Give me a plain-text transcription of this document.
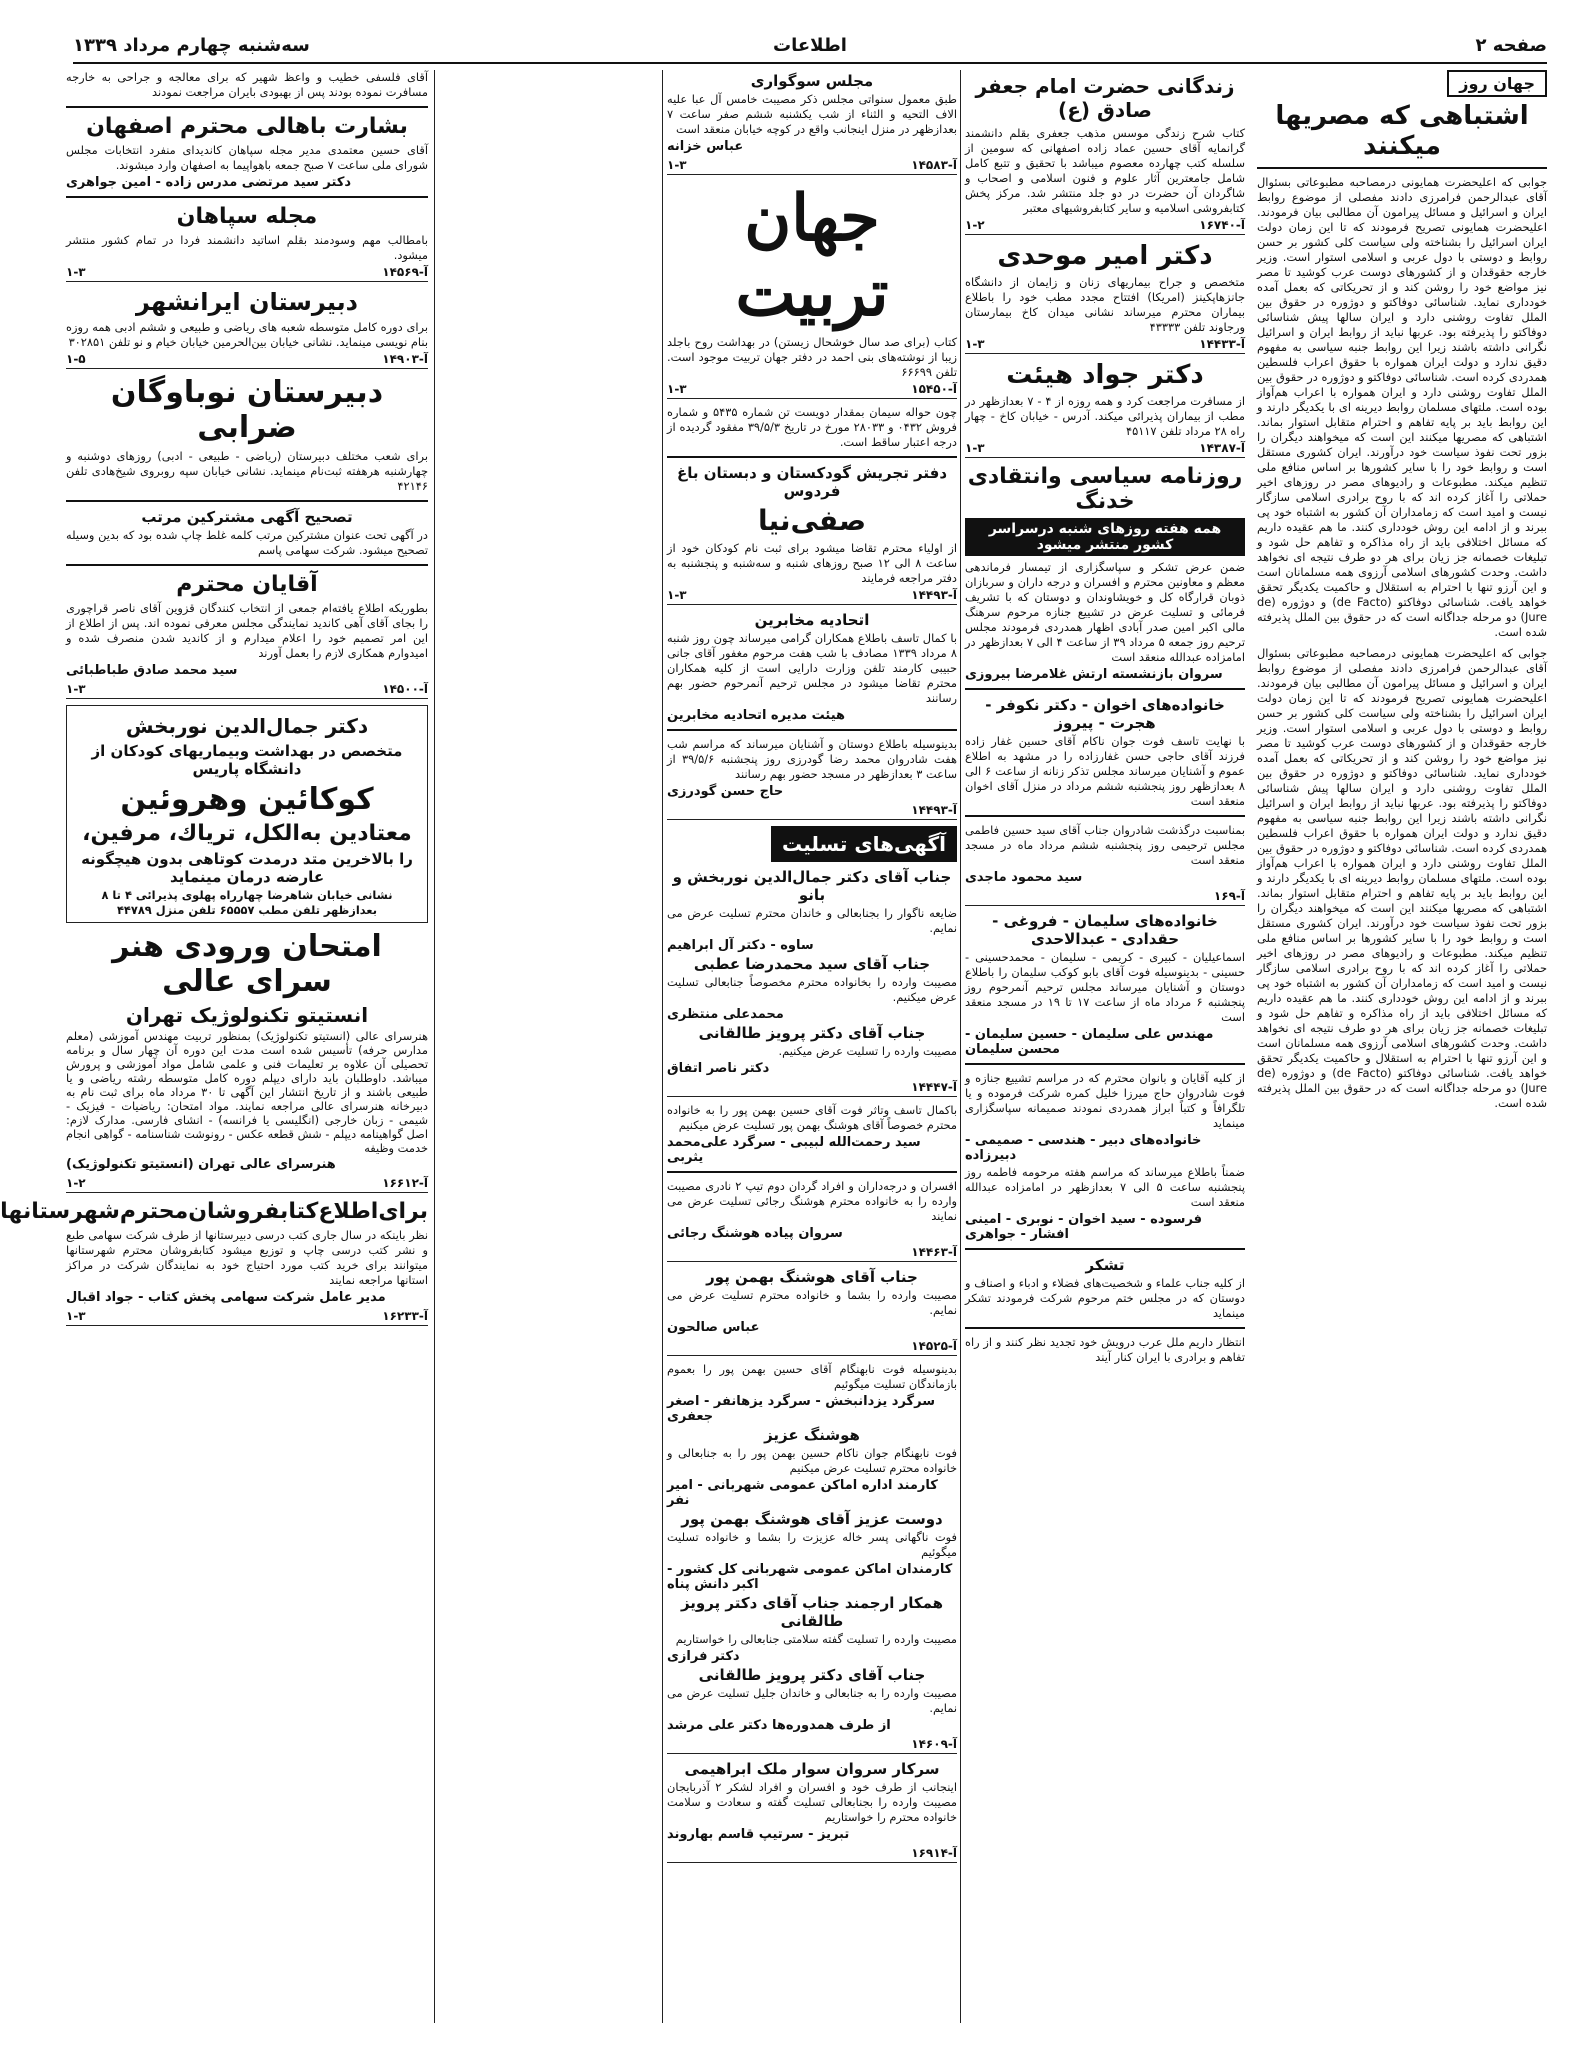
صفحه ۲
اطلاعات
سه‌شنبه چهارم مرداد ۱۳۳۹
جهان روز
اشتباهی که مصریها میکنند
جوابی که اعلیحضرت همایونی درمصاحبه مطبوعاتی بسئوال آقای عبدالرحمن فرامرزی دادند مفصلی از موضوع روابط ایران و اسرائیل و مسائل پیرامون آن مطالبی بیان فرمودند. اعلیحضرت همایونی تصریح فرمودند که تا این زمان دولت ایران اسرائیل را بشناخته ولی سیاست کلی کشور بر حسن روابط و دوستی با دول عربی و اسلامی استوار است. وزیر خارجه حقوقدان و از کشورهای دوست عرب کوشید تا مصر نیز مواضع خود را روشن کند و از تحریکاتی که بعمل آمده خودداری نماید. شناسائی دوفاکتو و دوژوره در حقوق بین الملل تفاوت روشنی دارد و ایران سالها پیش شناسائی دوفاکتو را پذیرفته بود. عربها نباید از روابط ایران و اسرائیل نگرانی داشته باشند زیرا این روابط جنبه سیاسی به مفهوم دقیق ندارد و دولت ایران همواره با حقوق اعراب فلسطین همدردی کرده است. شناسائی دوفاکتو و دوژوره در حقوق بین الملل تفاوت روشنی دارد و ایران همواره با اعراب هم‌آواز بوده است. ملتهای مسلمان روابط دیرینه ای با یکدیگر دارند و این روابط باید بر پایه تفاهم و احترام متقابل استوار بماند. اشتباهی که مصریها میکنند این است که میخواهند دیگران را بزور تحت نفوذ سیاست خود درآورند. ایران کشوری مستقل است و روابط خود را با سایر کشورها بر اساس منافع ملی تنظیم میکند. مطبوعات و رادیوهای مصر در روزهای اخیر حملاتی را آغاز کرده اند که با روح برادری اسلامی سازگار نیست و امید است که زمامداران آن کشور به اشتباه خود پی ببرند و از ادامه این روش خودداری کنند. ما هم عقیده داریم که مسائل اختلافی باید از راه مذاکره و تفاهم حل شود و تبلیغات خصمانه جز زیان برای هر دو طرف نتیجه ای نخواهد داشت. وحدت کشورهای اسلامی آرزوی همه مسلمانان است و این آرزو تنها با احترام به استقلال و حاکمیت یکدیگر تحقق خواهد یافت. شناسائی دوفاکتو (de Facto) و دوژوره (de Jure) دو مرحله جداگانه است که در حقوق بین الملل پذیرفته شده است.
جوابی که اعلیحضرت همایونی درمصاحبه مطبوعاتی بسئوال آقای عبدالرحمن فرامرزی دادند مفصلی از موضوع روابط ایران و اسرائیل و مسائل پیرامون آن مطالبی بیان فرمودند. اعلیحضرت همایونی تصریح فرمودند که تا این زمان دولت ایران اسرائیل را بشناخته ولی سیاست کلی کشور بر حسن روابط و دوستی با دول عربی و اسلامی استوار است. وزیر خارجه حقوقدان و از کشورهای دوست عرب کوشید تا مصر نیز مواضع خود را روشن کند و از تحریکاتی که بعمل آمده خودداری نماید. شناسائی دوفاکتو و دوژوره در حقوق بین الملل تفاوت روشنی دارد و ایران سالها پیش شناسائی دوفاکتو را پذیرفته بود. عربها نباید از روابط ایران و اسرائیل نگرانی داشته باشند زیرا این روابط جنبه سیاسی به مفهوم دقیق ندارد و دولت ایران همواره با حقوق اعراب فلسطین همدردی کرده است. شناسائی دوفاکتو و دوژوره در حقوق بین الملل تفاوت روشنی دارد و ایران همواره با اعراب هم‌آواز بوده است. ملتهای مسلمان روابط دیرینه ای با یکدیگر دارند و این روابط باید بر پایه تفاهم و احترام متقابل استوار بماند. اشتباهی که مصریها میکنند این است که میخواهند دیگران را بزور تحت نفوذ سیاست خود درآورند. ایران کشوری مستقل است و روابط خود را با سایر کشورها بر اساس منافع ملی تنظیم میکند. مطبوعات و رادیوهای مصر در روزهای اخیر حملاتی را آغاز کرده اند که با روح برادری اسلامی سازگار نیست و امید است که زمامداران آن کشور به اشتباه خود پی ببرند و از ادامه این روش خودداری کنند. ما هم عقیده داریم که مسائل اختلافی باید از راه مذاکره و تفاهم حل شود و تبلیغات خصمانه جز زیان برای هر دو طرف نتیجه ای نخواهد داشت. وحدت کشورهای اسلامی آرزوی همه مسلمانان است و این آرزو تنها با احترام به استقلال و حاکمیت یکدیگر تحقق خواهد یافت. شناسائی دوفاکتو (de Facto) و دوژوره (de Jure) دو مرحله جداگانه است که در حقوق بین الملل پذیرفته شده است.
زندگانی حضرت امام جعفر صادق (ع)
کتاب شرح زندگی موسس مذهب جعفری بقلم دانشمند گرانمایه آقای حسین عماد زاده اصفهانی که سومین از سلسله کتب چهارده معصوم میباشد با تحقیق و تتبع کامل شامل جامعترین آثار علوم و فنون اسلامی و اصحاب و شاگردان آن حضرت در دو جلد منتشر شد. مرکز پخش کتابفروشی اسلامیه و سایر کتابفروشیهای معتبر
آ-۱۶۷۴۰
۱-۲
دکتر امیر موحدی
متخصص و جراح بیماریهای زنان و زایمان از دانشگاه جانزهاپکینز (امریکا) افتتاح مجدد مطب خود را باطلاع بیماران محترم میرساند نشانی میدان کاخ بیمارستان ورجاوند تلفن ۴۳۳۳۳
آ-۱۴۴۳۳
۱-۳
دکتر جواد هیئت
از مسافرت مراجعت کرد و همه روزه از ۴ - ۷ بعدازظهر در مطب از بیماران پذیرائی میکند. آدرس - خیابان کاخ - چهار راه ۲۸ مرداد تلفن ۴۵۱۱۷
آ-۱۴۳۸۷
۱-۳
روزنامه سیاسی وانتقادی خدنگ
همه هفته روزهای شنبه درسراسر کشور منتشر میشود
ضمن عرض تشکر و سپاسگزاری از تیمسار فرماندهی معظم و معاونین محترم و افسران و درجه داران و سربازان ذوبان قرارگاه کل و خویشاوندان و دوستان که با تشریف فرمائی و تسلیت عرض در تشییع جنازه مرحوم سرهنگ مالی اکبر امین صدر آبادی اظهار همدردی فرمودند مجلس ترحیم روز جمعه ۵ مرداد ۳۹ از ساعت ۴ الی ۷ بعدازظهر در امامزاده عبدالله منعقد است
سروان بازنشسته ارتش غلامرضا بیروزی
خانواده‌های اخوان - دکتر نکوفر - هجرت - پیروز
با نهایت تاسف فوت جوان ناکام آقای حسین غفار زاده فرزند آقای حاجی حسن غفارزاده را در مشهد به اطلاع عموم و آشنایان میرساند مجلس تذکر زنانه از ساعت ۶ الی ۸ بعدازظهر روز پنجشنبه ششم مرداد در منزل آقای اخوان منعقد است
بمناسبت درگذشت شادروان جناب آقای سید حسین فاطمی مجلس ترحیمی روز پنجشنبه ششم مرداد ماه در مسجد منعقد است
سید محمود ماجدی
آ-۱۶۹
خانواده‌های سلیمان - فروغی - حقدادی - عبدالاحدی
اسماعیلیان - کبیری - کریمی - سلیمان - محمدحسینی - حسینی - بدینوسیله فوت آقای بابو کوکب سلیمان را باطلاع دوستان و آشنایان میرساند مجلس ترحیم آنمرحوم روز پنجشنبه ۶ مرداد ماه از ساعت ۱۷ تا ۱۹ در مسجد منعقد است
مهندس علی سلیمان - حسین سلیمان - محسن سلیمان
از کلیه آقایان و بانوان محترم که در مراسم تشییع جنازه و فوت شادروان حاج میرزا خلیل کمره شرکت فرموده و یا تلگرافاً و کتباً ابراز همدردی نمودند صمیمانه سپاسگزاری مینماید
خانواده‌های دبیر - هندسی - صمیمی - دبیرزاده
ضمناً باطلاع میرساند که مراسم هفته مرحومه فاطمه روز پنجشنبه ساعت ۵ الی ۷ بعدازظهر در امامزاده عبدالله منعقد است
فرسوده - سید اخوان - نوبری - امینی افشار - جواهری
تشکر
از کلیه جناب علماء و شخصیت‌های فضلاء و ادباء و اصناف و دوستان که در مجلس ختم مرحوم شرکت فرمودند تشکر مینماید
انتظار داریم ملل عرب درویش خود تجدید نظر کنند و از راه تفاهم و برادری با ایران کنار آیند
مجلس سوگواری
طبق معمول سنواتی مجلس ذکر مصیبت خامس آل عبا علیه الاف التحیه و الثناء از شب یکشنبه ششم صفر ساعت ۷ بعدازظهر در منزل اینجانب واقع در کوچه خیابان منعقد است
عباس خزانه
آ-۱۴۵۸۳
۱-۳
جهان تربیت
کتاب (برای صد سال خوشحال زیستن) در بهداشت روح باجلد زیبا از نوشته‌های بنی احمد در دفتر جهان تربیت موجود است. تلفن ۶۶۶۹۹
آ-۱۵۴۵۰
۱-۳
چون حواله سیمان بمقدار دویست تن شماره ۵۴۳۵ و شماره فروش ۰۴۳۲ و ۲۸۰۳۳ مورخ در تاریخ ۳۹/۵/۳ مفقود گردیده از درجه اعتبار ساقط است.
دفتر تجریش گودکستان و دبستان باغ فردوس
صفی‌نیا
از اولیاء محترم تقاضا میشود برای ثبت نام کودکان خود از ساعت ۸ الی ۱۲ صبح روزهای شنبه و سه‌شنبه و پنجشنبه به دفتر مراجعه فرمایند
آ-۱۴۴۹۳
۱-۳
اتحادیه مخابرین
با کمال تاسف باطلاع همکاران گرامی میرساند چون روز شنبه ۸ مرداد ۱۳۳۹ مصادف با شب هفت مرحوم مغفور آقای جانی حبیبی کارمند تلفن وزارت دارایی است از کلیه همکاران محترم تقاضا میشود در مجلس ترحیم آنمرحوم حضور بهم رسانند
هیئت مدیره اتحادیه مخابرین
بدینوسیله باطلاع دوستان و آشنایان میرساند که مراسم شب هفت شادروان محمد رضا گودرزی روز پنجشنبه ۳۹/۵/۶ از ساعت ۳ بعدازظهر در مسجد حضور بهم رسانند
حاج حسن گودرزی
آ-۱۴۴۹۳
آگهی‌های تسلیت
جناب آقای دکتر جمال‌الدین نوربخش و بانو
ضایعه ناگوار را بجنابعالی و خاندان محترم تسلیت عرض می نمایم.
ساوه - دکتر آل ابراهیم
جناب آقای سید محمدرضا عطبی
مصیبت وارده را بخانواده محترم مخصوصاً جنابعالی تسلیت عرض میکنیم.
محمدعلی منتظری
جناب آقای دکتر پرویز طالقانی
مصیبت وارده را تسلیت عرض میکنیم.
دکتر ناصر اتفاق
آ-۱۴۴۴۷
باکمال تاسف وتاثر فوت آقای حسین بهمن پور را به خانواده محترم خصوصاً آقای هوشنگ بهمن پور تسلیت عرض میکنیم
سید رحمت‌الله لبیبی - سرگرد علی‌محمد یثربی
افسران و درجه‌داران و افراد گردان دوم تیپ ۲ نادری مصیبت وارده را به خانواده محترم هوشنگ رجائی تسلیت عرض می نمایند
سروان پیاده هوشنگ رجائی
آ-۱۴۴۶۳
جناب آقای هوشنگ بهمن پور
مصیبت وارده را بشما و خانواده محترم تسلیت عرض می نمایم.
عباس صالحون
آ-۱۴۵۲۵
بدینوسیله فوت نابهنگام آقای حسین بهمن پور را بعموم بازماندگان تسلیت میگوئیم
سرگرد یزدانبخش - سرگرد یزهانفر - اصغر جعفری
هوشنگ عزیز
فوت نابهنگام جوان ناکام حسین بهمن پور را به جنابعالی و خانواده محترم تسلیت عرض میکنیم
کارمند اداره اماکن عمومی شهربانی - امیر نفر
دوست عزیز آقای هوشنگ بهمن پور
فوت ناگهانی پسر خاله عزیزت را بشما و خانواده تسلیت میگوئیم
کارمندان اماکن عمومی شهربانی کل کشور - اکبر دانش پناه
همکار ارجمند جناب آقای دکتر پرویز طالقانی
مصیبت وارده را تسلیت گفته سلامتی جنابعالی را خواستاریم
دکتر فرازی
جناب آقای دکتر پرویز طالقانی
مصیبت وارده را به جنابعالی و خاندان جلیل تسلیت عرض می نمایم.
از طرف همدوره‌ها دکتر علی مرشد
آ-۱۴۶۰۹
سرکار سروان سوار ملک ابراهیمی
اینجانب از طرف خود و افسران و افراد لشکر ۲ آذربایجان مصیبت وارده را بجنابعالی تسلیت گفته و سعادت و سلامت خانواده محترم را خواستاریم
تبریز - سرتیپ قاسم بهاروند
آ-۱۶۹۱۴
آقای فلسفی خطیب و واعظ شهیر که برای معالجه و جراحی به خارجه مسافرت نموده بودند پس از بهبودی بایران مراجعت نمودند
بشارت باهالی محترم اصفهان
آقای حسین معتمدی مدیر مجله سپاهان کاندیدای منفرد انتخابات مجلس شورای ملی ساعت ۷ صبح جمعه باهواپیما به اصفهان وارد میشوند.
دکتر سید مرتضی مدرس زاده - امین جواهری
مجله سپاهان
بامطالب مهم وسودمند بقلم اساتید دانشمند فردا در تمام کشور منتشر میشود.
آ-۱۴۵۶۹
۱-۳
دبیرستان ایرانشهر
برای دوره کامل متوسطه شعبه های ریاضی و طبیعی و ششم ادبی همه روزه بنام نویسی مینماید. نشانی خیابان بین‌الحرمین خیابان خیام و نو تلفن ۳۰۲۸۵۱
آ-۱۴۹۰۳
۱-۵
دبیرستان نوباوگان ضرابی
برای شعب مختلف دبیرستان (ریاضی - طبیعی - ادبی) روزهای دوشنبه و چهارشنبه هرهفته ثبت‌نام مینماید. نشانی خیابان سپه روبروی شیخ‌هادی تلفن ۴۲۱۴۶
تصحیح آگهی مشترکین مرتب
در آگهی تحت عنوان مشترکین مرتب کلمه غلط چاپ شده بود که بدین وسیله تصحیح میشود. شرکت سهامی پاسم
آقایان محترم
بطوریکه اطلاع یافته‌ام جمعی از انتخاب کنندگان قزوین آقای ناصر قراچوری را بجای آقای آهی کاندید نمایندگی مجلس معرفی نموده اند. پس از اطلاع از این امر تصمیم خود را اعلام میدارم و از کاندید شدن منصرف شده و امیدوارم همکاری لازم را بعمل آورند
سید محمد صادق طباطبائی
آ-۱۴۵۰۰
۱-۳
دکتر جمال‌الدین نوربخش
متخصص در بهداشت وبیماریهای کودکان از دانشگاه پاریس
کوکائین وهروئین
معتادین به‌الکل، تریاك، مرفین،
را بالاخرین متد درمدت کوتاهی بدون هیچگونه عارضه درمان مینماید
نشانی خیابان شاهرضا چهارراه پهلوی پذیرائی ۴ تا ۸ بعدازظهر تلفن مطب ۶۵۵۵۷ تلفن منزل ۴۴۷۸۹
امتحان ورودی هنر سرای عالی
انستیتو تکنولوژیک تهران
هنرسرای عالی (انستیتو تکنولوژیک) بمنظور تربیت مهندس آموزشی (معلم مدارس حرفه) تأسیس شده است مدت این دوره آن چهار سال و برنامه تحصیلی آن علاوه بر تعلیمات فنی و علمی شامل مواد آموزشی و پرورش میباشد. داوطلبان باید دارای دیپلم دوره کامل متوسطه رشته ریاضی و یا طبیعی باشند و از تاریخ انتشار این آگهی تا ۳۰ مرداد ماه برای ثبت نام به دبیرخانه هنرسرای عالی مراجعه نمایند. مواد امتحان: ریاضیات - فیزیک - شیمی - زبان خارجی (انگلیسی یا فرانسه) - انشای فارسی. مدارک لازم: اصل گواهینامه دیپلم - شش قطعه عکس - رونوشت شناسنامه - گواهی انجام خدمت وظیفه
هنرسرای عالی تهران (انستیتو تکنولوژیک)
آ-۱۶۶۱۲
۱-۲
برای‌اطلاع‌کتابفروشان‌محترم‌شهرستانها
نظر باینکه در سال جاری کتب درسی دبیرستانها از طرف شرکت سهامی طبع و نشر کتب درسی چاپ و توزیع میشود کتابفروشان محترم شهرستانها میتوانند برای خرید کتب مورد احتیاج خود به نمایندگان شرکت در مراکز استانها مراجعه نمایند
مدیر عامل شرکت سهامی پخش کتاب - جواد اقبال
آ-۱۶۲۳۳
۱-۳
